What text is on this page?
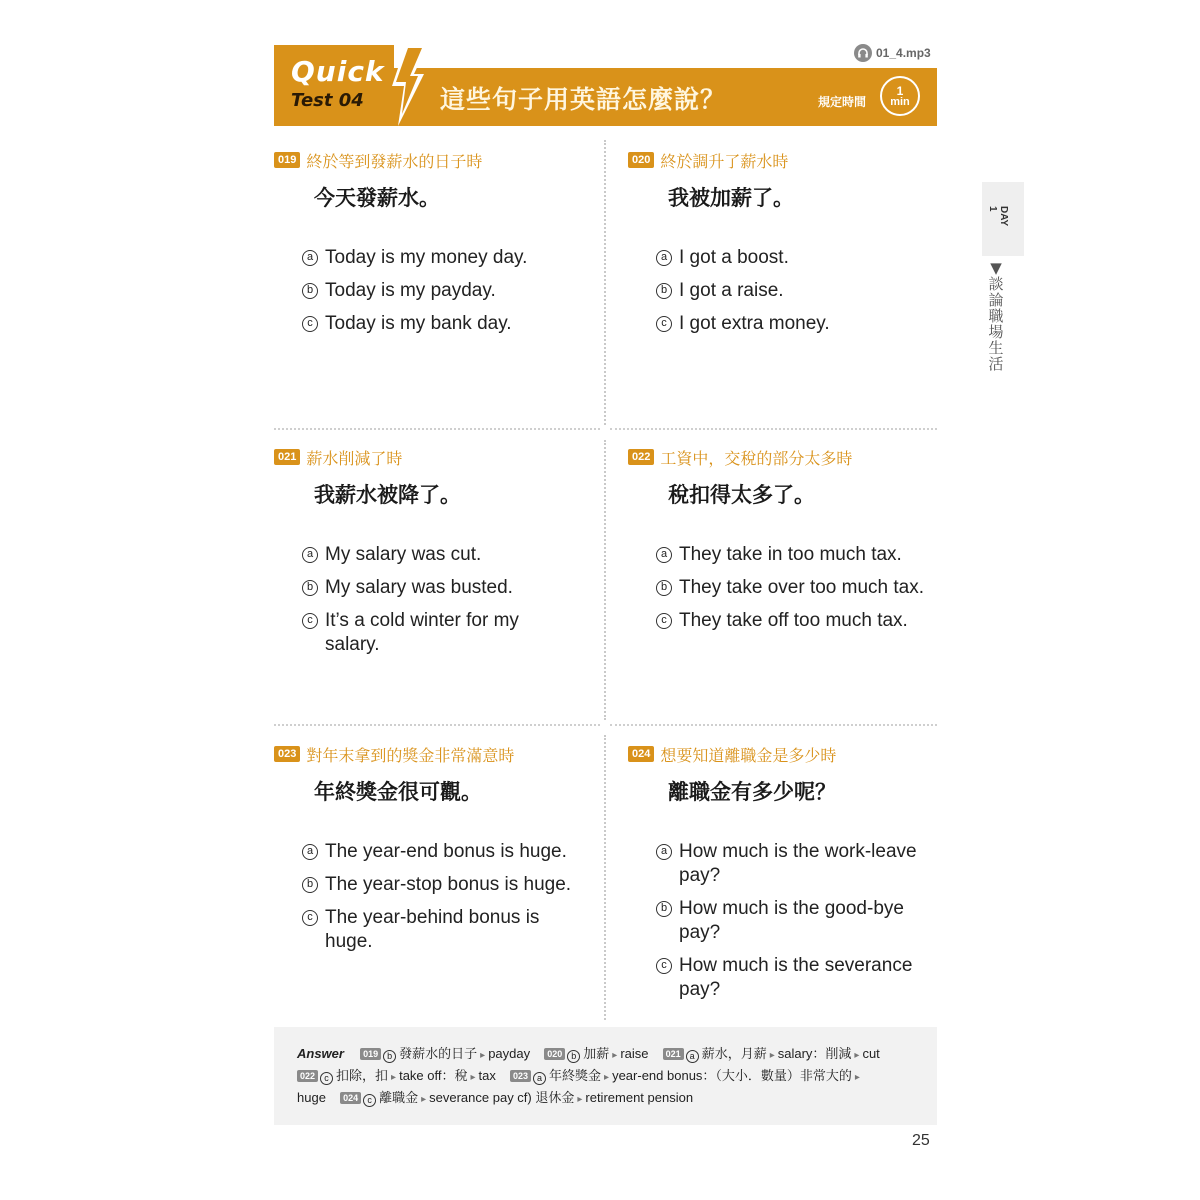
01_4.mp3
Quick
Test 04	這些句子用英語怎麼說？	規定時間
1
min
DAY 1
▼談論職場生活
019 終於等到發薪水的日子時
今天發薪水。
a Today is my money day.
b Today is my payday.
c Today is my bank day.
020 終於調升了薪水時
我被加薪了。
a I got a boost.
b I got a raise.
c I got extra money.
021 薪水削減了時
我薪水被降了。
a My salary was cut.
b My salary was busted.
c It’s a cold winter for my salary.
022 工資中，交稅的部分太多時
稅扣得太多了。
a They take in too much tax.
b They take over too much tax.
c They take off too much tax.
023 對年末拿到的獎金非常滿意時
年終獎金很可觀。
a The year-end bonus is huge.
b The year-stop bonus is huge.
c The year-behind bonus is huge.
024 想要知道離職金是多少時
離職金有多少呢？
a How much is the work-leave pay?
b How much is the good-bye pay?
c How much is the severance pay?
Answer 019 b 發薪水的日子 ▸ payday 020 b 加薪 ▸ raise 021 a 薪水，月薪 ▸ salary：削減 ▸ cut
022 c 扣除，扣 ▸ take off：稅 ▸ tax 023 a 年終獎金 ▸ year-end bonus：（大小．數量）非常大的 ▸
huge 024 c 離職金 ▸ severance pay cf) 退休金 ▸ retirement pension
25
